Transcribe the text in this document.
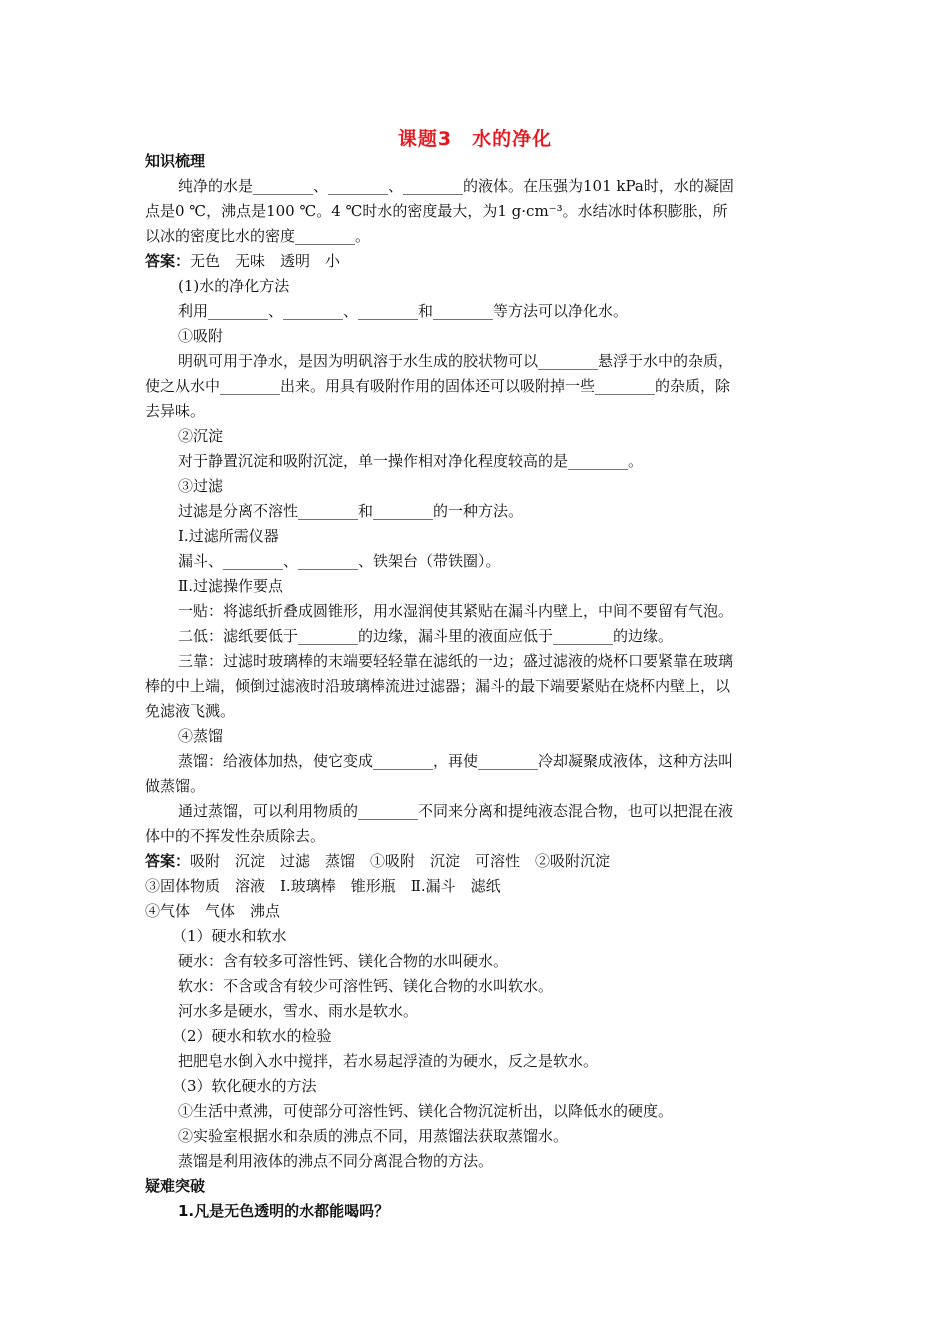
课题3　水的净化
知识梳理
纯净的水是________、________、________的液体。在压强为101 kPa时，水的凝固
点是0 ℃，沸点是100 ℃。4 ℃时水的密度最大，为1 g·cm⁻³。水结冰时体积膨胀，所
以冰的密度比水的密度________。
答案：无色　无味　透明　小
(1)水的净化方法
利用________、________、________和________等方法可以净化水。
①吸附
明矾可用于净水，是因为明矾溶于水生成的胶状物可以________悬浮于水中的杂质，
使之从水中________出来。用具有吸附作用的固体还可以吸附掉一些________的杂质，除
去异味。
②沉淀
对于静置沉淀和吸附沉淀，单一操作相对净化程度较高的是________。
③过滤
过滤是分离不溶性________和________的一种方法。
Ⅰ.过滤所需仪器
漏斗、________、________、铁架台（带铁圈）。
Ⅱ.过滤操作要点
一贴：将滤纸折叠成圆锥形，用水湿润使其紧贴在漏斗内壁上，中间不要留有气泡。
二低：滤纸要低于________的边缘，漏斗里的液面应低于________的边缘。
三靠：过滤时玻璃棒的末端要轻轻靠在滤纸的一边；盛过滤液的烧杯口要紧靠在玻璃
棒的中上端，倾倒过滤液时沿玻璃棒流进过滤器；漏斗的最下端要紧贴在烧杯内壁上，以
免滤液飞溅。
④蒸馏
蒸馏：给液体加热，使它变成________，再使________冷却凝聚成液体，这种方法叫
做蒸馏。
通过蒸馏，可以利用物质的________不同来分离和提纯液态混合物，也可以把混在液
体中的不挥发性杂质除去。
答案：吸附　沉淀　过滤　蒸馏　①吸附　沉淀　可溶性　②吸附沉淀
③固体物质　溶液　Ⅰ.玻璃棒　锥形瓶　Ⅱ.漏斗　滤纸
④气体　气体　沸点
（1）硬水和软水
硬水：含有较多可溶性钙、镁化合物的水叫硬水。
软水：不含或含有较少可溶性钙、镁化合物的水叫软水。
河水多是硬水，雪水、雨水是软水。
（2）硬水和软水的检验
把肥皂水倒入水中搅拌，若水易起浮渣的为硬水，反之是软水。
（3）软化硬水的方法
①生活中煮沸，可使部分可溶性钙、镁化合物沉淀析出，以降低水的硬度。
②实验室根据水和杂质的沸点不同，用蒸馏法获取蒸馏水。
蒸馏是利用液体的沸点不同分离混合物的方法。
疑难突破
1.凡是无色透明的水都能喝吗？
